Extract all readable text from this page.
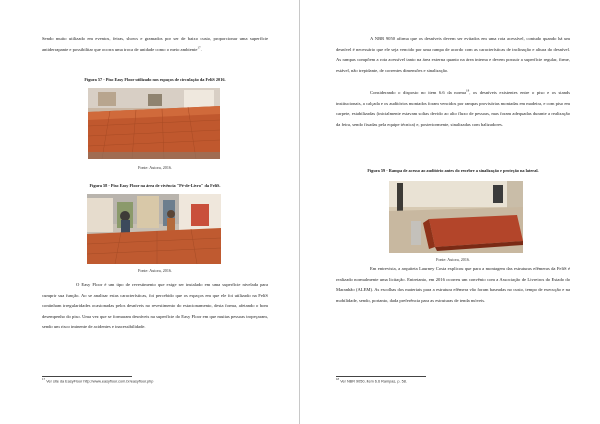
Sendo muito utilizado em eventos, feiras, shows e gramados por ser de baixo custo, proporcionar uma superfície antiderrapante e possibilitar que ocorra uma troca de unidade como o meio ambiente$^{17}$.

Figura 57 - Piso Easy Floor utilizado nos espaços de circulação da FeliS 2016.
Fonte: Autora, 2016.
Figura 58 - Piso Easy Floor na área de vivência "Pé-de-Livro" da FeliS.
Fonte: Autora, 2016.

O Easy Floor é um tipo de revestimento que exige ser instalado em uma superfície nivelada para cumprir sua função. Ao se analisar estas características, foi percebido que os espaços em que ele foi utilizado na FeliS continham irregularidades ocasionadas pelos desníveis no revestimento do estacionamento, desta forma, afetando o bom desempenho do piso. Uma vez que se formaram desníveis na superfície do Easy Floor em que muitas pessoas tropeçaram, sendo um risco iminente de acidentes e inacessibilidade.

$^{17}$ Ver site da EasyFloor http://www.easyfloor.com.br/easyfloor.php

A NBR 9050 afirma que os desníveis devem ser evitados em uma rota acessível, contudo quando há um desnível é necessário que ele seja vencido por uma rampa de acordo com as características de inclinação e altura do desnível. As rampas compõem a rota acessível tanto na área externa quanto na área interna e devem possuir a superfície regular, firme, estável, não trepidante, de correntes dimensões e sinalização.

Considerando o disposto no item 6.6 da norma$^{18}$, os desníveis existentes entre o piso e os stands institucionais, a calçada e os auditórios montados foram vencidos por rampas provisórias montadas em madeira, e com piso em carpete, estabilizadas (inicialmente estavam soltas devido ao alto fluxo de pessoas, mas foram adequadas durante a realização da feira, sendo fixadas pela equipe técnica) e, posteriormente, sinalizadas com balizadores.

Figura 59 - Rampa de acesso ao auditório antes do reorbre a sinalização e proteção na lateral.
Fonte: Autora, 2016.

Em entrevista, a arquiteta Laurney Costa explicou que para a montagem das estruturas efêmeras da FeliS é realizado normalmente uma licitação. Entretanto, em 2016 ocorreu um convênio com a Associação de Livreiros do Estado do Maranhão (ALEM). As escolhas dos materiais para a estrutura efêmera vão foram baseadas no custo, tempo de execução e na mobilidade, sendo, portanto, dada preferência para as estruturas de tenda móveis.

$^{18}$ Ver NBR 9050, item 6.6 Rampas, p. 58.
